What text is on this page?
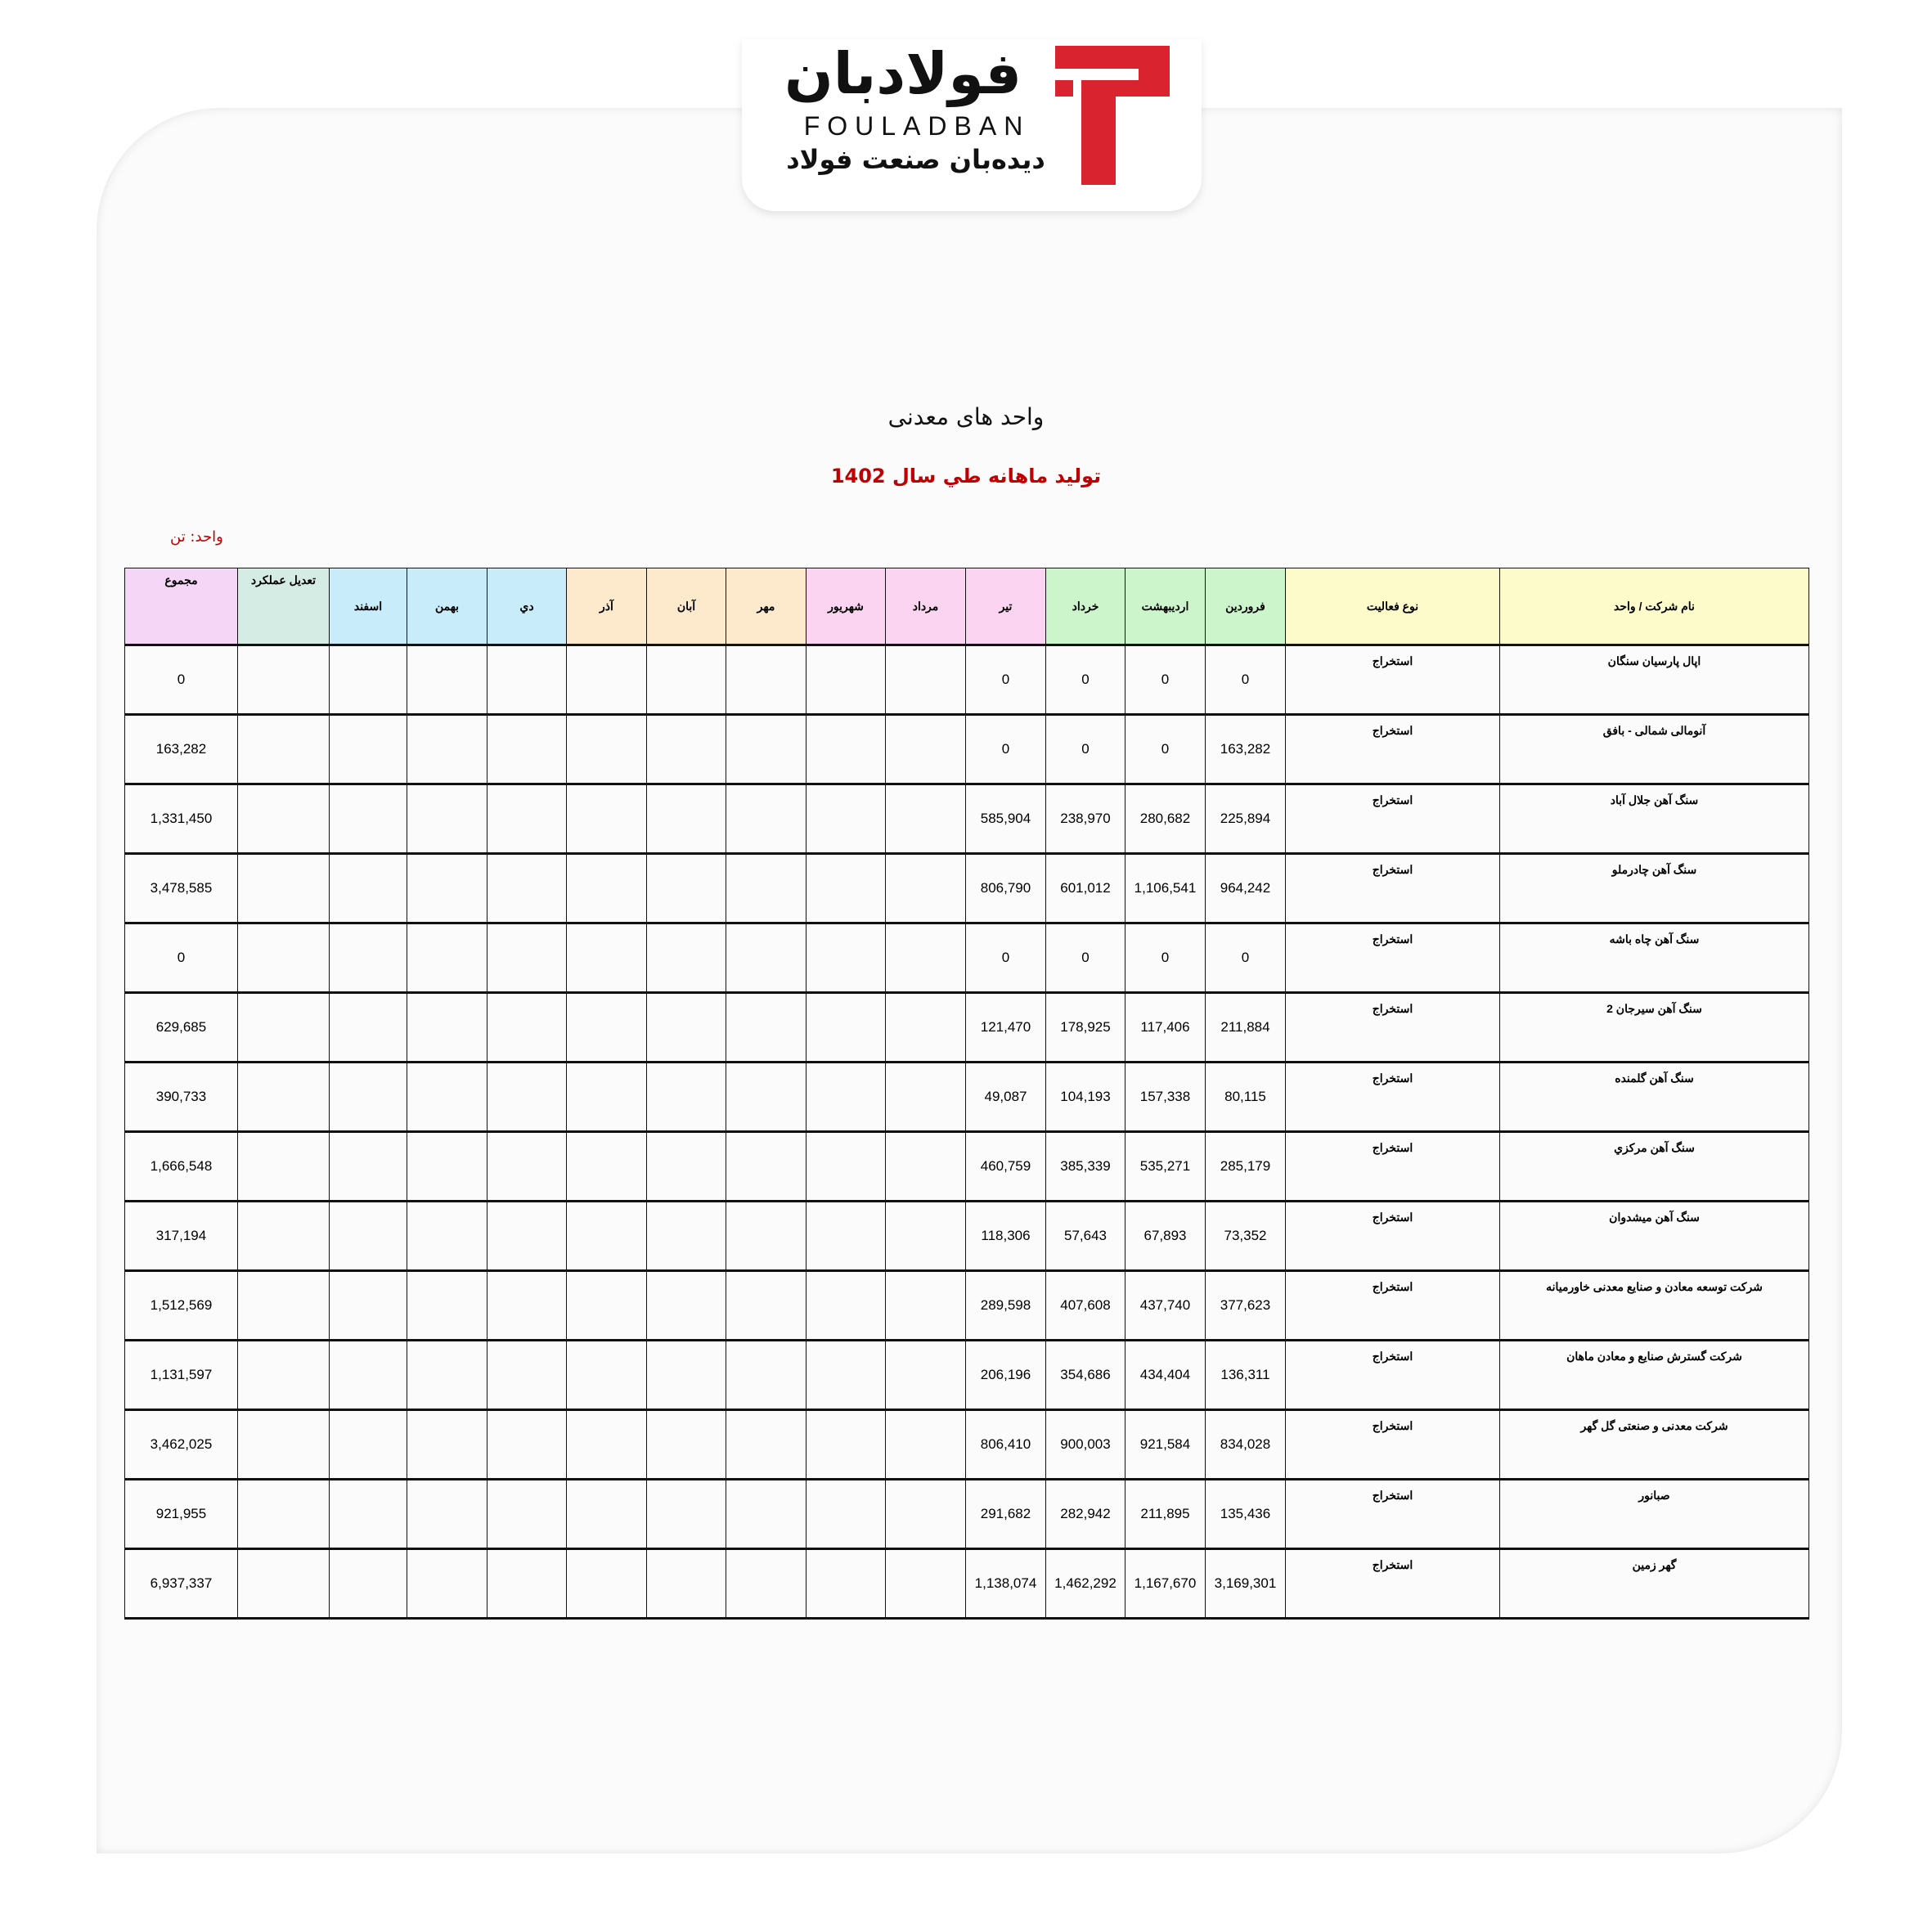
فولادبان
FOULADBAN
دیده‌بان صنعت فولاد
واحد های معدنی
توليد ماهانه طي سال 1402
واحد: تن
نام شرکت / واحد	نوع فعاليت	فروردين	ارديبهشت	خرداد	تير	مرداد	شهريور	مهر	آبان	آذر	دي	بهمن	اسفند	تعديل عملکرد	مجموع
اپال پارسيان سنگان	استخراج	0	0	0	0										0
آنومالی شمالی - بافق	استخراج	163,282	0	0	0										163,282
سنگ آهن جلال آباد	استخراج	225,894	280,682	238,970	585,904										1,331,450
سنگ آهن چادرملو	استخراج	964,242	1,106,541	601,012	806,790										3,478,585
سنگ آهن چاه باشه	استخراج	0	0	0	0										0
سنگ آهن سيرجان 2	استخراج	211,884	117,406	178,925	121,470										629,685
سنگ آهن گلمنده	استخراج	80,115	157,338	104,193	49,087										390,733
سنگ آهن مرکزي	استخراج	285,179	535,271	385,339	460,759										1,666,548
سنگ آهن ميشدوان	استخراج	73,352	67,893	57,643	118,306										317,194
شرکت توسعه معادن و صنايع معدنی خاورميانه	استخراج	377,623	437,740	407,608	289,598										1,512,569
شرکت گسترش صنايع و معادن ماهان	استخراج	136,311	434,404	354,686	206,196										1,131,597
شرکت معدنی و صنعتی گل گهر	استخراج	834,028	921,584	900,003	806,410										3,462,025
صبانور	استخراج	135,436	211,895	282,942	291,682										921,955
گهر زمين	استخراج	3,169,301	1,167,670	1,462,292	1,138,074										6,937,337
